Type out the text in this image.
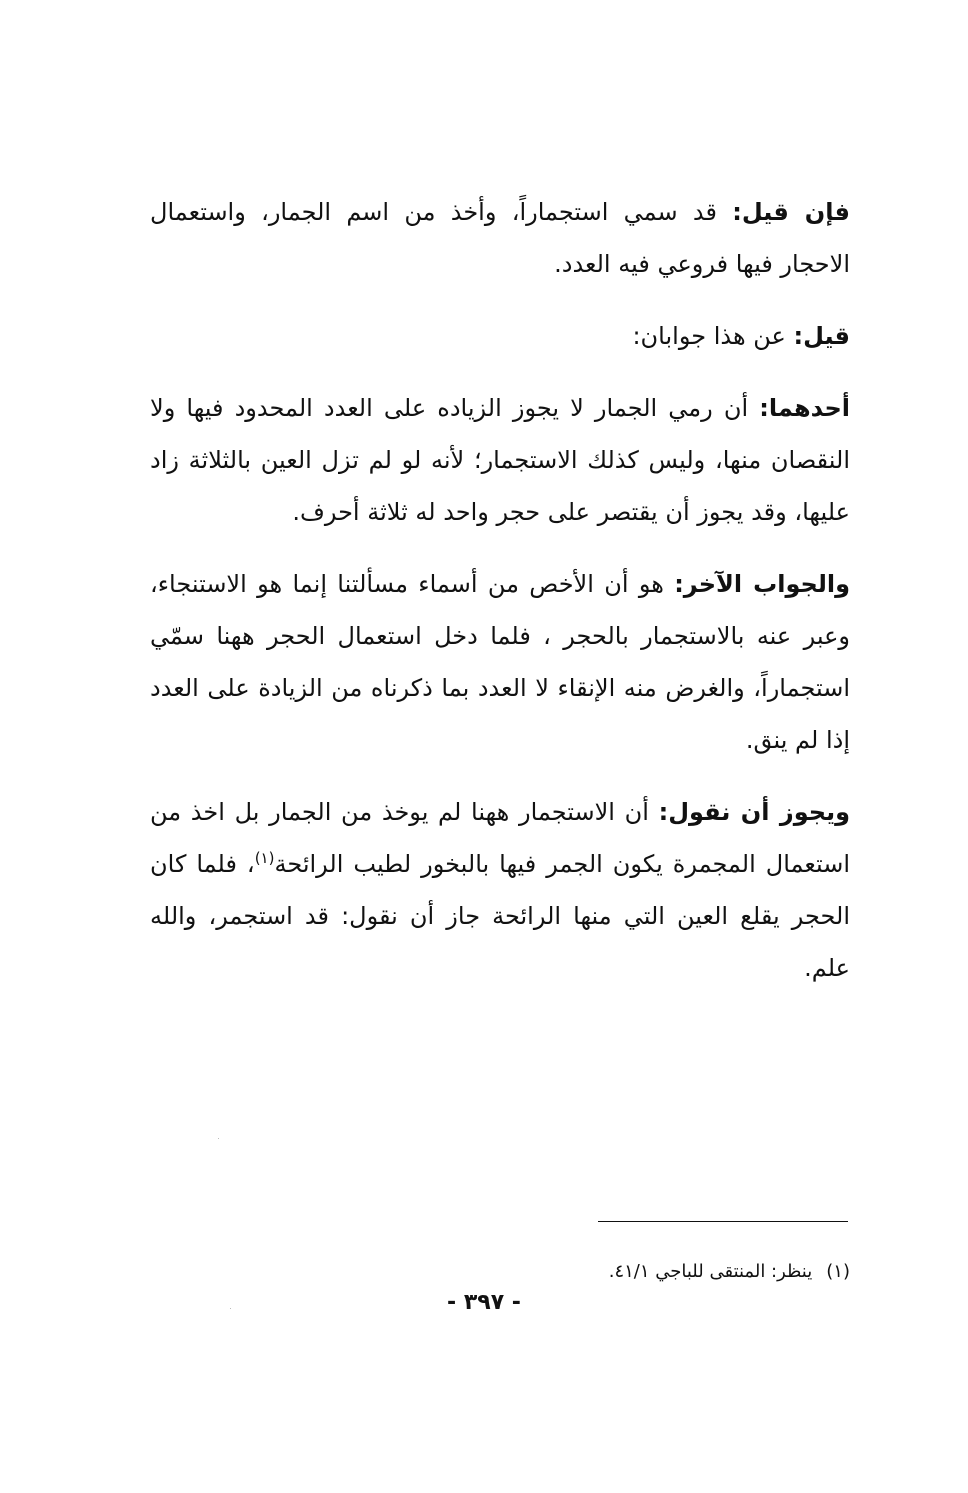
فإن قيل: قد سمي استجماراً، وأخذ من اسم الجمار، واستعمال الاحجار فيها فروعي فيه العدد.

قيل: عن هذا جوابان:

أحدهما: أن رمي الجمار لا يجوز الزياده على العدد المحدود فيها ولا النقصان منها، وليس كذلك الاستجمار؛ لأنه لو لم تزل العين بالثلاثة زاد عليها، وقد يجوز أن يقتصر على حجر واحد له ثلاثة أحرف.

والجواب الآخر: هو أن الأخص من أسماء مسألتنا إنما هو الاستنجاء، وعبر عنه بالاستجمار بالحجر ، فلما دخل استعمال الحجر ههنا سمّي استجماراً، والغرض منه الإنقاء لا العدد بما ذكرناه من الزيادة على العدد إذا لم ينق.

ويجوز أن نقول: أن الاستجمار ههنا لم يوخذ من الجمار بل اخذ من استعمال المجمرة يكون الجمر فيها بالبخور لطيب الرائحة$^{(١)}$، فلما كان الحجر يقلع العين التي منها الرائحة جاز أن نقول: قد استجمر، والله علم.

(١)ينظر: المنتقى للباجي ٤١/١.
- ٣٩٧ -
